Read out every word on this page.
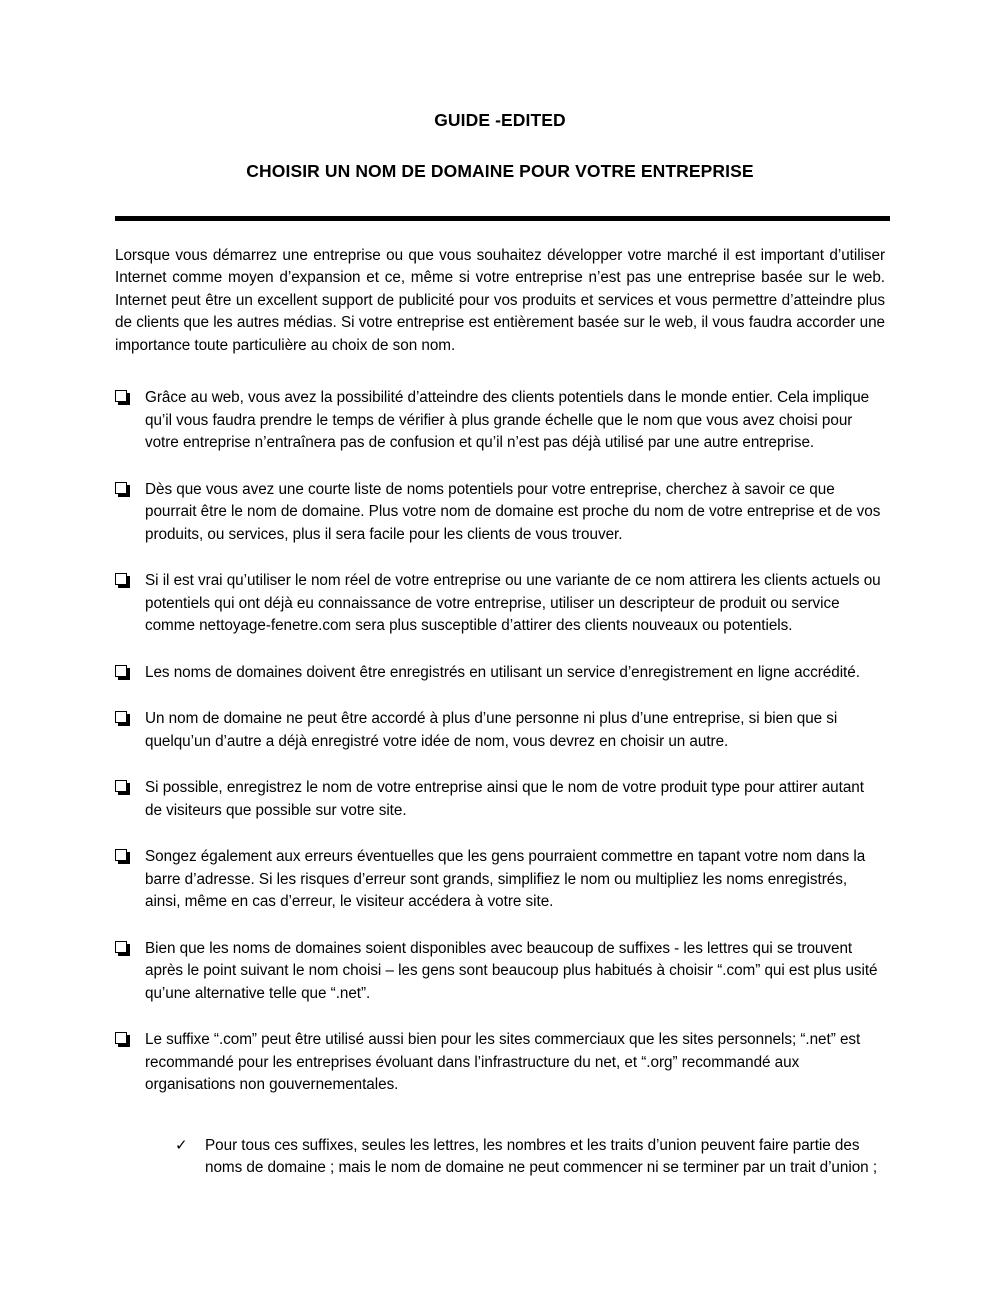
GUIDE -EDITED
CHOISIR UN NOM DE DOMAINE POUR VOTRE ENTREPRISE

Lorsque vous démarrez une entreprise ou que vous souhaitez développer votre marché il est important d’utiliser Internet comme moyen d’expansion et ce, même si votre entreprise n’est pas une entreprise basée sur le web. Internet peut être un excellent support de publicité pour vos produits et services et vous permettre d’atteindre plus de clients que les autres médias. Si votre entreprise est entièrement basée sur le web, il vous faudra accorder une importance toute particulière au choix de son nom.

Grâce au web, vous avez la possibilité d’atteindre des clients potentiels dans le monde entier. Cela implique qu’il vous faudra prendre le temps de vérifier à plus grande échelle que le nom que vous avez choisi pour votre entreprise n’entraînera pas de confusion et qu’il n’est pas déjà utilisé par une autre entreprise.
Dès que vous avez une courte liste de noms potentiels pour votre entreprise, cherchez à savoir ce que pourrait être le nom de domaine. Plus votre nom de domaine est proche du nom de votre entreprise et de vos produits, ou services, plus il sera facile pour les clients de vous trouver.
Si il est vrai qu’utiliser le nom réel de votre entreprise ou une variante de ce nom attirera les clients actuels ou potentiels qui ont déjà eu connaissance de votre entreprise, utiliser un descripteur de produit ou service comme nettoyage-fenetre.com sera plus susceptible d’attirer des clients nouveaux ou potentiels.
Les noms de domaines doivent être enregistrés en utilisant un service d’enregistrement en ligne accrédité.
Un nom de domaine ne peut être accordé à plus d’une personne ni plus d’une entreprise, si bien que si quelqu’un d’autre a déjà enregistré votre idée de nom, vous devrez en choisir un autre.
Si possible, enregistrez le nom de votre entreprise ainsi que le nom de votre produit type pour attirer autant de visiteurs que possible sur votre site.
Songez également aux erreurs éventuelles que les gens pourraient commettre en tapant votre nom dans la barre d’adresse. Si les risques d’erreur sont grands, simplifiez le nom ou multipliez les noms enregistrés, ainsi, même en cas d’erreur, le visiteur accédera à votre site.
Bien que les noms de domaines soient disponibles avec beaucoup de suffixes - les lettres qui se trouvent après le point suivant le nom choisi – les gens sont beaucoup plus habitués à choisir “.com” qui est plus usité qu’une alternative telle que “.net”.
Le suffixe “.com” peut être utilisé aussi bien pour les sites commerciaux que les sites personnels; “.net” est recommandé pour les entreprises évoluant dans l’infrastructure du net, et “.org” recommandé aux organisations non gouvernementales.
✓ Pour tous ces suffixes, seules les lettres, les nombres et les traits d’union peuvent faire partie des noms de domaine ; mais le nom de domaine ne peut commencer ni se terminer par un trait d’union ;
